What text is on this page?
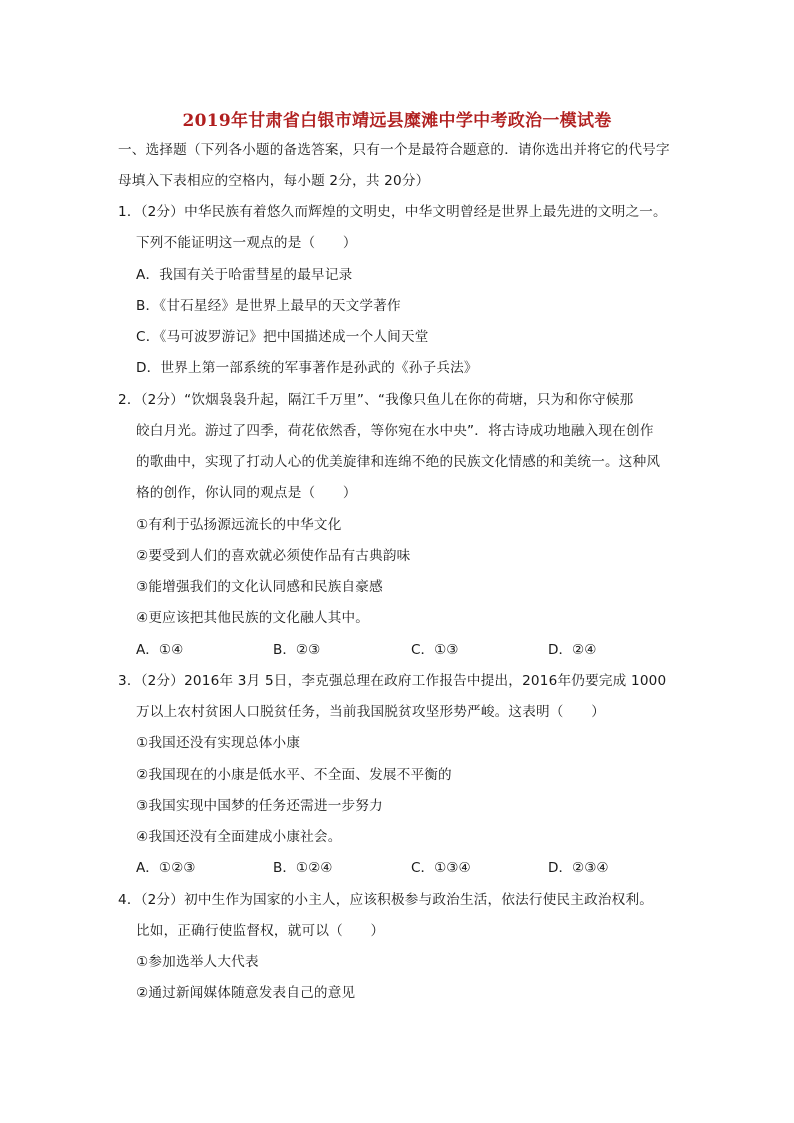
2019年甘肃省白银市靖远县糜滩中学中考政治一模试卷
一、选择题（下列各小题的备选答案，只有一个是最符合题意的．请你选出并将它的代号字
母填入下表相应的空格内，每小题 2分，共 20分）
1．（2分）中华民族有着悠久而辉煌的文明史，中华文明曾经是世界上最先进的文明之一。
下列不能证明这一观点的是（　　）
A．我国有关于哈雷彗星的最早记录
B．《甘石星经》是世界上最早的天文学著作
C．《马可波罗游记》把中国描述成一个人间天堂
D．世界上第一部系统的军事著作是孙武的《孙子兵法》
2．（2分）“饮烟袅袅升起，隔江千万里”、“我像只鱼儿在你的荷塘，只为和你守候那
皎白月光。游过了四季，荷花依然香，等你宛在水中央”．将古诗成功地融入现在创作
的歌曲中，实现了打动人心的优美旋律和连绵不绝的民族文化情感的和美统一。这种风
格的创作，你认同的观点是（　　）
①有利于弘扬源远流长的中华文化
②要受到人们的喜欢就必须使作品有古典韵味
③能增强我们的文化认同感和民族自豪感
④更应该把其他民族的文化融人其中。
A．①④	B．②③	C．①③	D．②④
3．（2分）2016年 3月 5日，李克强总理在政府工作报告中提出，2016年仍要完成 1000
万以上农村贫困人口脱贫任务，当前我国脱贫攻坚形势严峻。这表明（　　）
①我国还没有实现总体小康
②我国现在的小康是低水平、不全面、发展不平衡的
③我国实现中国梦的任务还需进一步努力
④我国还没有全面建成小康社会。
A．①②③	B．①②④	C．①③④	D．②③④
4．（2分）初中生作为国家的小主人，应该积极参与政治生活，依法行使民主政治权利。
比如，正确行使监督权，就可以（　　）
①参加选举人大代表
②通过新闻媒体随意发表自己的意见
